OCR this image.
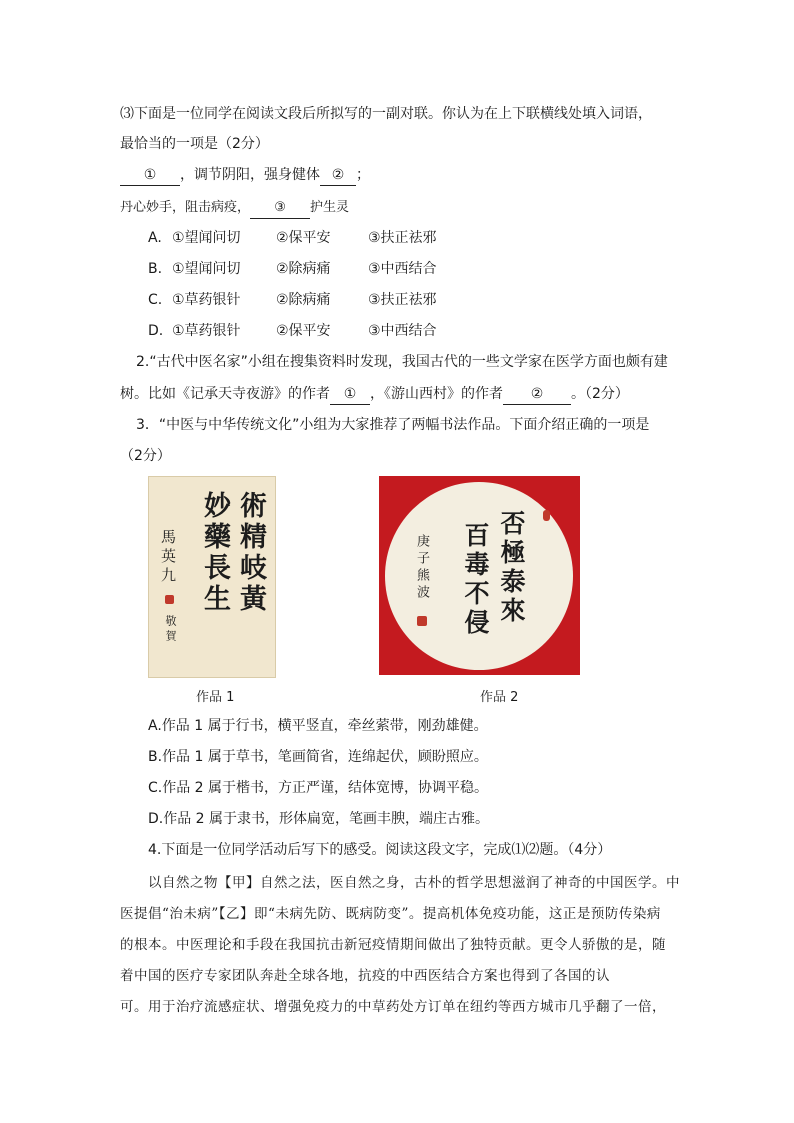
⑶下面是一位同学在阅读文段后所拟写的一副对联。你认为在上下联横线处填入词语，
最恰当的一项是（2分）
① ，调节阴阳，强身健体 ② ；
丹心妙手，阻击病疫， ③ 护生灵
A. ①望闻问切	②保平安	③扶正祛邪
B. ①望闻问切	②除病痛	③中西结合
C. ①草药银针	②除病痛	③扶正祛邪
D. ①草药银针	②保平安	③中西结合
2.“古代中医名家”小组在搜集资料时发现，我国古代的一些文学家在医学方面也颇有建
树。比如《记承天寺夜游》的作者 ① ，《游山西村》的作者 ② 。（2分）
3．“中医与中华传统文化”小组为大家推荐了两幅书法作品。下面介绍正确的一项是
（2分）
術精岐黃
妙藥長生
馬英九
敬賀
作品 1
否極泰來
百毒不侵
庚子熊波
作品 2
A.作品 1 属于行书，横平竖直，牵丝萦带，刚劲雄健。
B.作品 1 属于草书，笔画简省，连绵起伏，顾盼照应。
C.作品 2 属于楷书，方正严谨，结体宽博，协调平稳。
D.作品 2 属于隶书，形体扁宽，笔画丰腴，端庄古雅。
4.下面是一位同学活动后写下的感受。阅读这段文字，完成⑴⑵题。（4分）
以自然之物【甲】自然之法，医自然之身，古朴的哲学思想滋润了神奇的中国医学。中
医提倡“治未病”【乙】即“未病先防、既病防变”。提高机体免疫功能，这正是预防传染病
的根本。中医理论和手段在我国抗击新冠疫情期间做出了独特贡献。更令人骄傲的是，随
着中国的医疗专家团队奔赴全球各地，抗疫的中西医结合方案也得到了各国的认
可。用于治疗流感症状、增强免疫力的中草药处方订单在纽约等西方城市几乎翻了一倍，
